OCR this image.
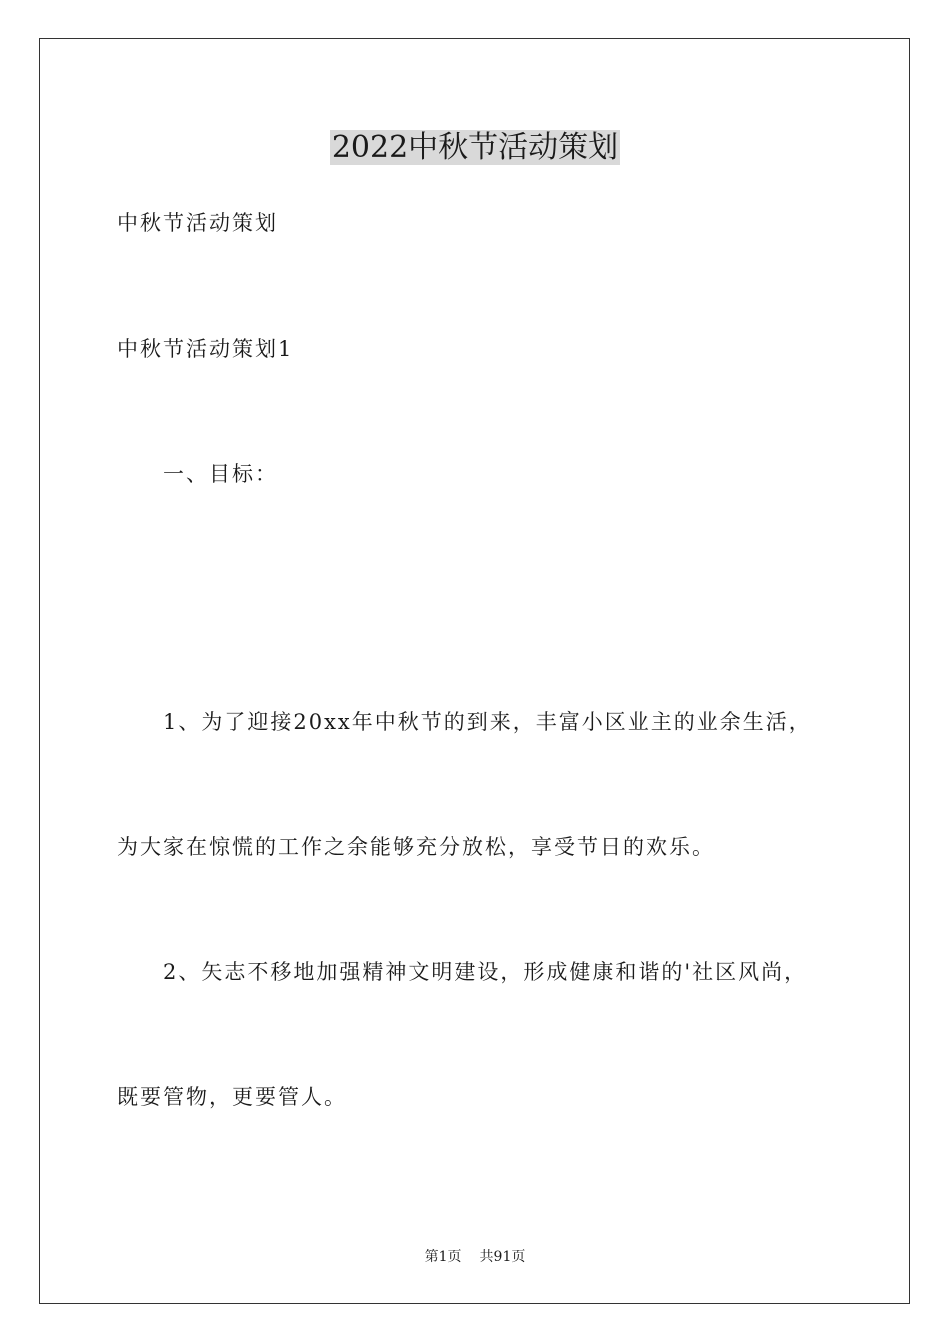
2022中秋节活动策划

中秋节活动策划

中秋节活动策划1

一、目标：

1、为了迎接20xx年中秋节的到来，丰富小区业主的业余生活，

为大家在惊慌的工作之余能够充分放松，享受节日的欢乐。

2、矢志不移地加强精神文明建设，形成健康和谐的'社区风尚，

既要管物，更要管人。

第1页 共91页
